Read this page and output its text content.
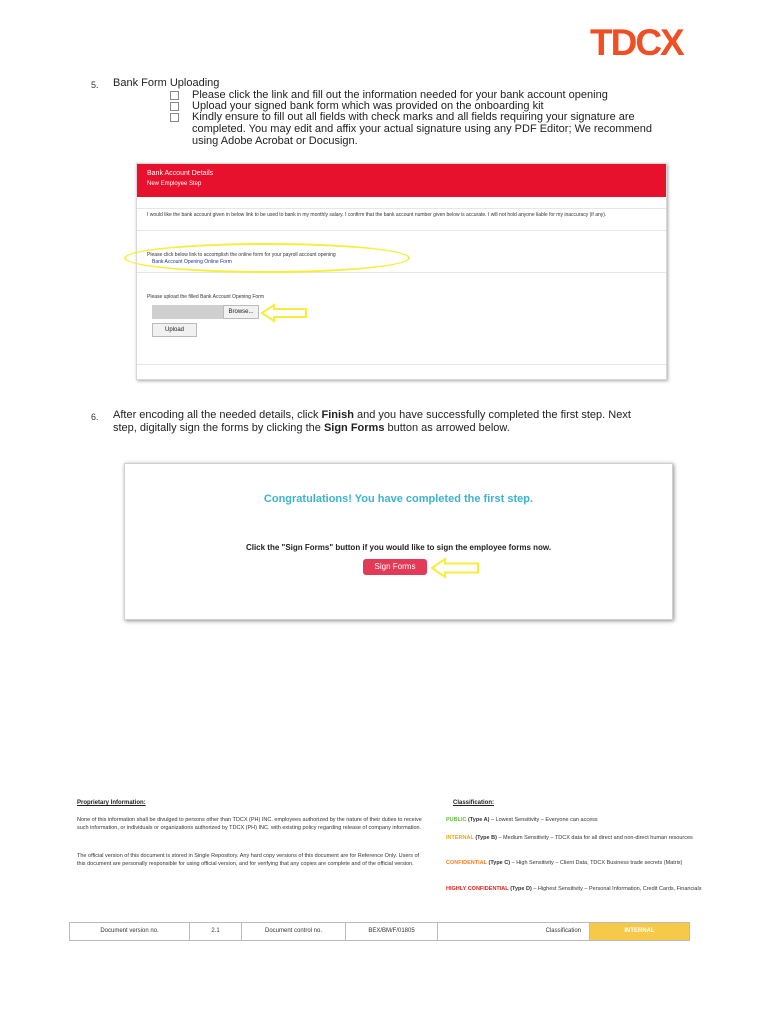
TDCX
5. Bank Form Uploading
Please click the link and fill out the information needed for your bank account opening
Upload your signed bank form which was provided on the onboarding kit
Kindly ensure to fill out all fields with check marks and all fields requiring your signature are completed. You may edit and affix your actual signature using any PDF Editor; We recommend using Adobe Acrobat or Docusign.
Bank Account Details
New Employee Step
I would like the bank account given in below link to be used to bank in my monthly salary. I confirm that the bank account number given below is accurate. I will not hold anyone liable for my inaccuracy (if any).
Please click below link to accomplish the online form for your payroll account opening
Bank Account Opening Online Form
Please upload the filled Bank Account Opening Form
Browse...
Upload
6. After encoding all the needed details, click Finish and you have successfully completed the first step. Next step, digitally sign the forms by clicking the Sign Forms button as arrowed below.
Congratulations! You have completed the first step.
Click the "Sign Forms" button if you would like to sign the employee forms now.
Sign Forms
Proprietary Information:
None of this information shall be divulged to persons other than TDCX (PH) INC. employees authorized by the nature of their duties to receive such information, or individuals or organizations authorized by TDCX (PH) INC. with existing policy regarding release of company information.
The official version of this document is stored in Single Repository. Any hard copy versions of this document are for Reference Only. Users of this document are personally responsible for using official version, and for verifying that any copies are complete and of the official version.
Classification:
PUBLIC (Type A) – Lowest Sensitivity – Everyone can access
INTERNAL (Type B) – Medium Sensitivity – TDCX data for all direct and non-direct human resources
CONFIDENTIAL (Type C) – High Sensitivity – Client Data, TDCX Business trade secrets (Matrix)
HIGHLY CONFIDENTIAL (Type D) – Highest Sensitivity – Personal Information, Credit Cards, Financials
Document version no.	2.1	Document control no.	BEX/BM/F/01805	Classification	INTERNAL
